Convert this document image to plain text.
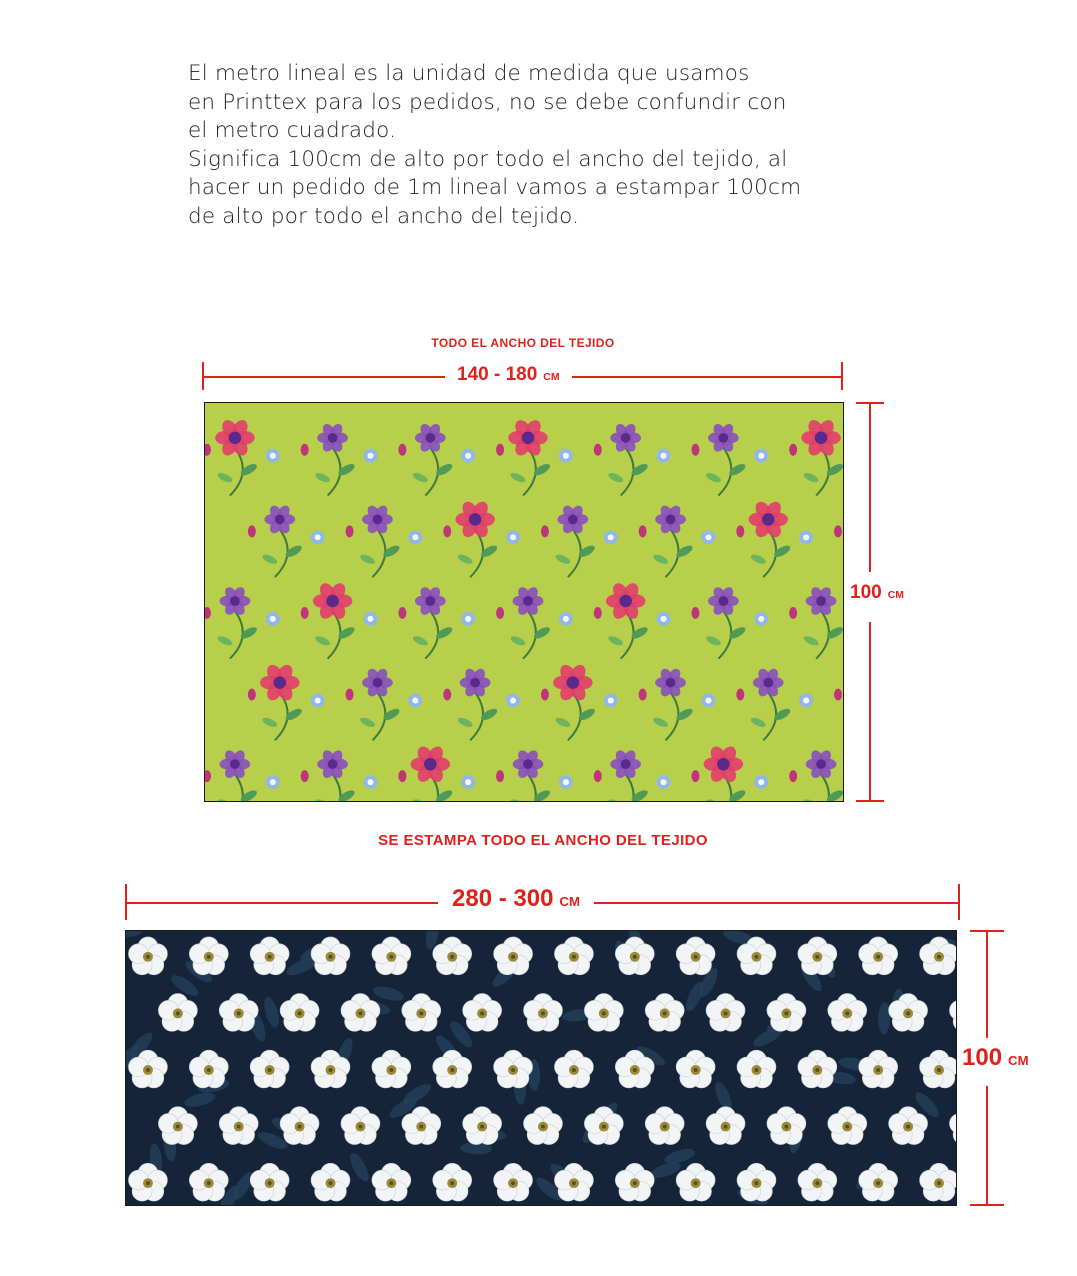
El metro lineal es la unidad de medida que usamos

en Printtex para los pedidos, no se debe confundir con

el metro cuadrado.

Significa 100cm de alto por todo el ancho del tejido, al

hacer un pedido de 1m lineal vamos a estampar 100cm

de alto por todo el ancho del tejido.

TODO EL ANCHO DEL TEJIDO
140 - 180 CM
100 CM
SE ESTAMPA TODO EL ANCHO DEL TEJIDO
280 - 300 CM
100 CM
